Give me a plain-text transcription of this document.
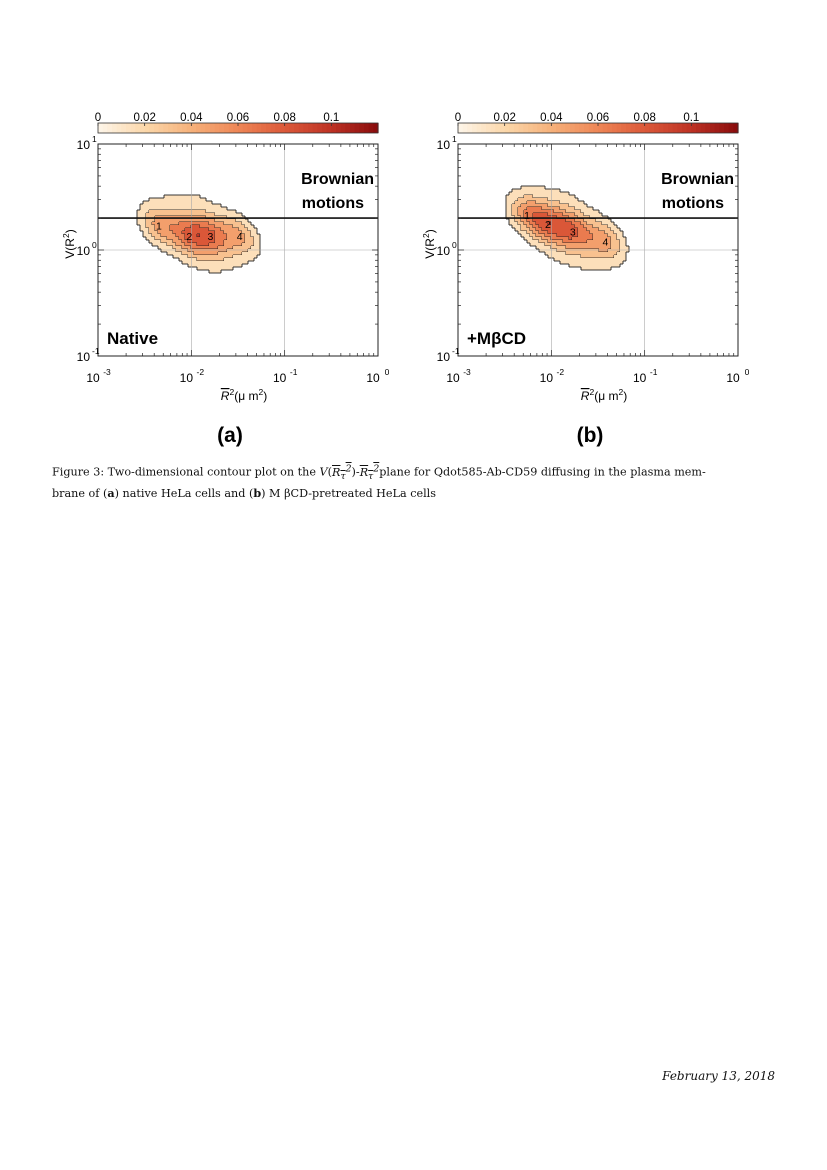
0	0.02 0.04 0.06 0.08 0.1
1
2 3 4
10 -3	10 -2	10 -1	10 0
10 1
10 0
10 -1
$R^2(\mu$ $m^2$)
$V(R^2)$
Brownian
motions
Native
(a)
0	0.02 0.04 0.06 0.08 0.1
1
2
3
4
10 -3	10 -2	10 -1	10 0
10 1
10 0
10 -1
$R^2(\mu$ $m^2$)
$V(R^2)$
Brownian
motions
+MβCD
(b)
Figure 3: Two-dimensional contour plot on the $V(R_\tau^2)-R_\tau^2plane$ for Qdot585-Ab-CD59 diffusing in the plasma mem-
brane of (a) native HeLa cells and (b) M βCD-pretreated HeLa cells
February 13, 2018
